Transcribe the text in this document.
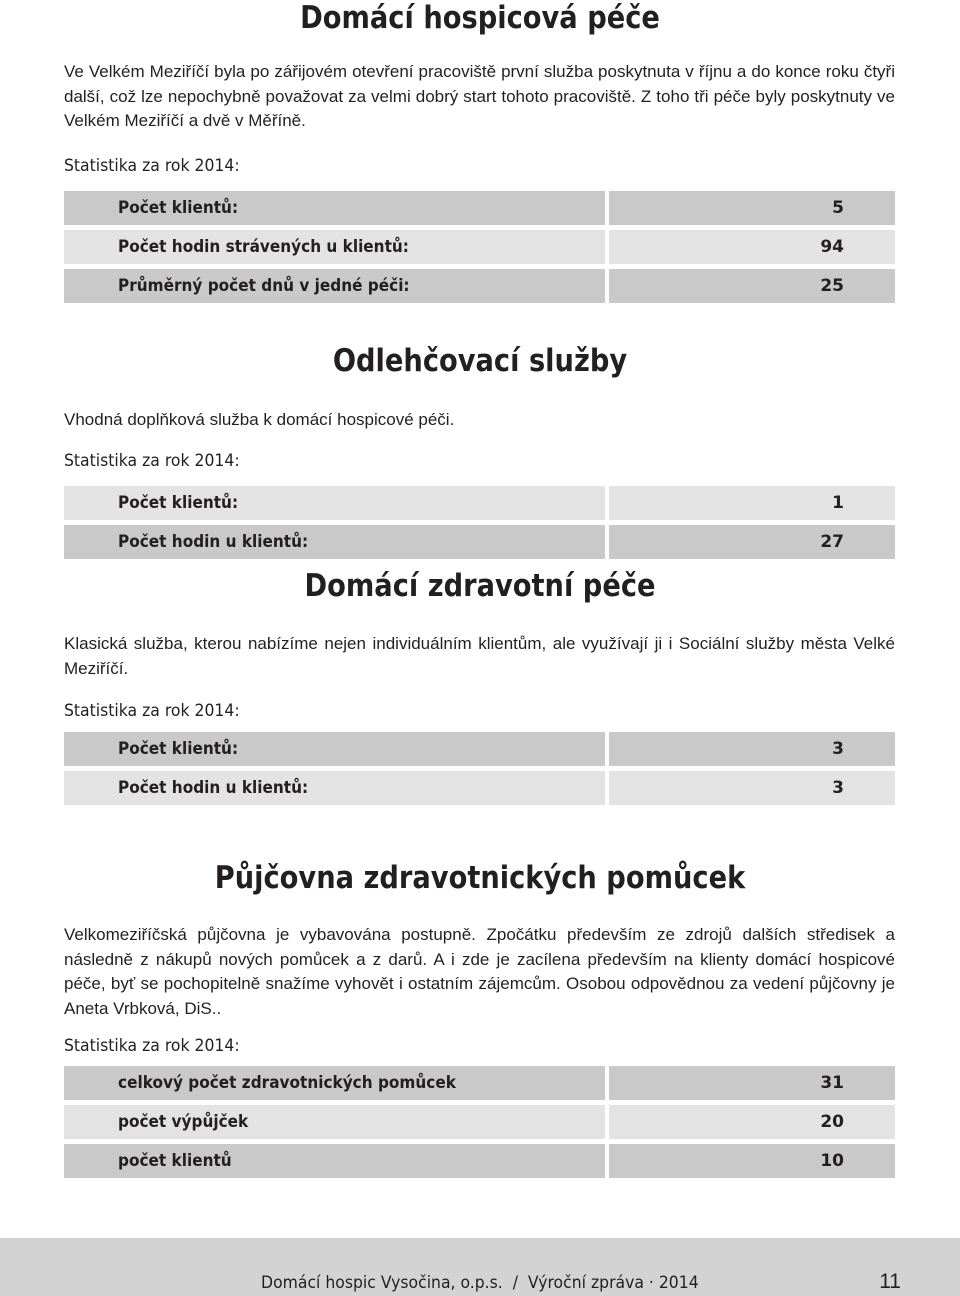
Domácí hospicová péče

Ve Velkém Meziříčí byla po zářijovém otevření pracoviště první služba poskytnuta v říjnu a do konce roku čtyři další, což lze nepochybně považovat za velmi dobrý start tohoto pracoviště. Z toho tři péče byly poskytnuty ve Velkém Meziříčí a dvě v Měříně.

Statistika za rok 2014:
Počet klientů:	5
Počet hodin strávených u klientů:	94
Průměrný počet dnů v jedné péči:	25
Odlehčovací služby

Vhodná doplňková služba k domácí hospicové péči.

Statistika za rok 2014:
Počet klientů:	1
Počet hodin u klientů:	27
Domácí zdravotní péče

Klasická služba, kterou nabízíme nejen individuálním klientům, ale využívají ji i Sociální služby města Velké Meziříčí.

Statistika za rok 2014:
Počet klientů:	3
Počet hodin u klientů:	3
Půjčovna zdravotnických pomůcek

Velkomeziříčská půjčovna je vybavována postupně. Zpočátku především ze zdrojů dalších středisek a následně z nákupů nových pomůcek a z darů. A i zde je zacílena především na klienty domácí hospicové péče, byť se pochopitelně snažíme vyhovět i ostatním zájemcům. Osobou odpovědnou za vedení půjčovny je Aneta Vrbková, DiS..

Statistika za rok 2014:
celkový počet zdravotnických pomůcek	31
počet výpůjček	20
počet klientů	10
Domácí hospic Vysočina, o.p.s.  /  Výroční zpráva · 2014	11
